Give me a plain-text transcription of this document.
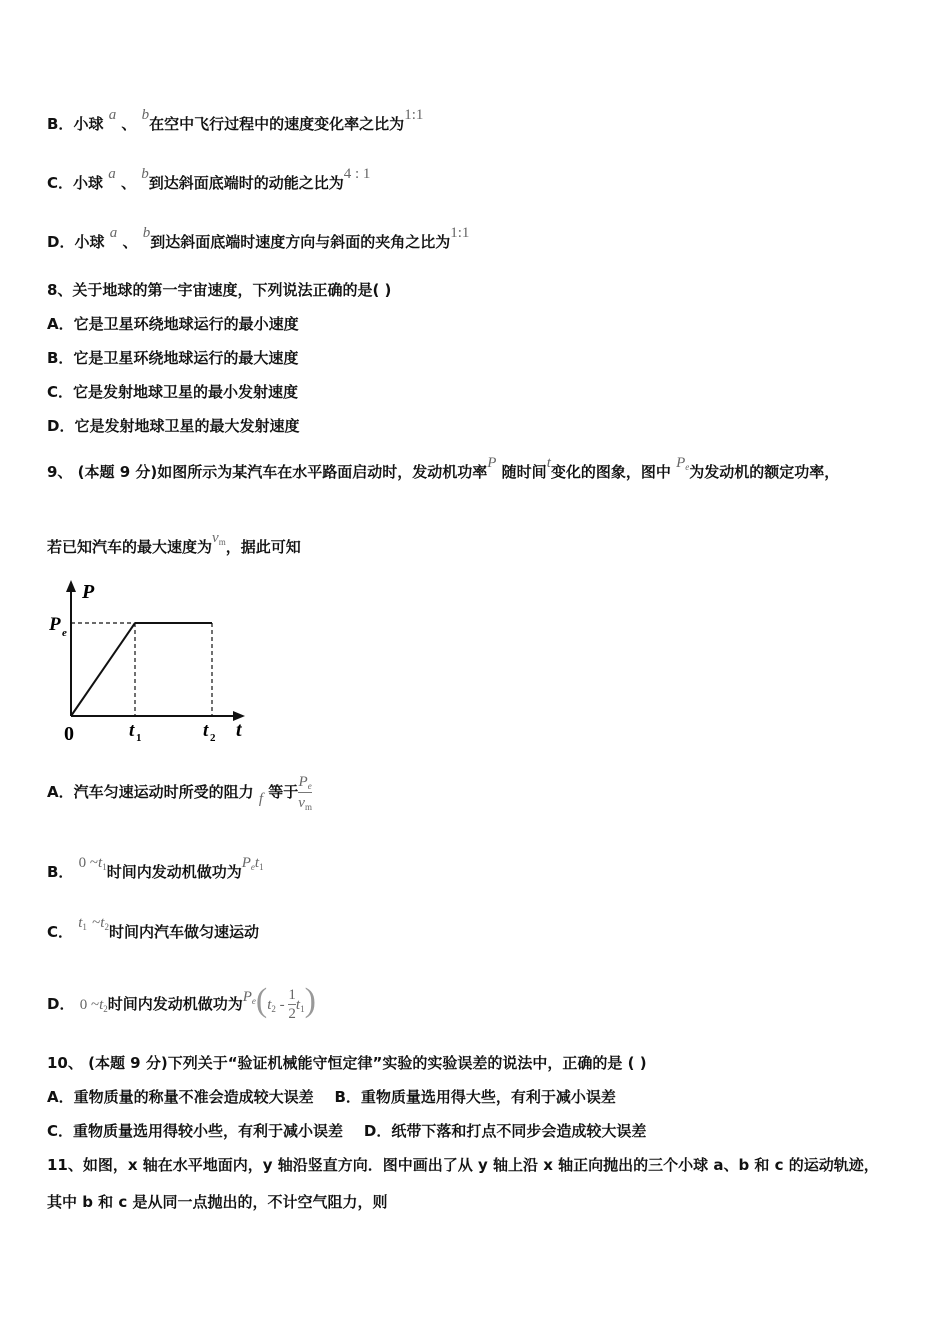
B．小球 a 、 b在空中飞行过程中的速度变化率之比为1:1
C．小球 a 、 b到达斜面底端时的动能之比为4 : 1
D．小球 a 、 b到达斜面底端时速度方向与斜面的夹角之比为1:1
8、关于地球的第一宇宙速度，下列说法正确的是( )
A．它是卫星环绕地球运行的最小速度
B．它是卫星环绕地球运行的最大速度
C．它是发射地球卫星的最小发射速度
D．它是发射地球卫星的最大发射速度
9、 (本题 9 分)如图所示为某汽车在水平路面启动时，发动机功率P 随时间t变化的图象，图中 $P_e$为发动机的额定功率，
若已知汽车的最大速度为$v_m$，据此可知
P
P e
0	t 1	t 2 t
A．汽车匀速运动时所受的阻力 f 等于 $\frac{P_e}{v_m}$
B． 0 $\sim t_1$时间内发动机做功为$P_et_1$
C． $t_1$ $\sim t_2$时间内汽车做匀速运动
D． 0 $\sim t_2$时间内发动机做功为$P_e(t_2 - \frac{1}{2} t_1)$
10、 (本题 9 分)下列关于“验证机械能守恒定律”实验的实验误差的说法中，正确的是 ( )
A．重物质量的称量不准会造成较大误差    B．重物质量选用得大些，有利于减小误差
C．重物质量选用得较小些，有利于减小误差    D．纸带下落和打点不同步会造成较大误差
11、如图，x 轴在水平地面内，y 轴沿竖直方向．图中画出了从 y 轴上沿 x 轴正向抛出的三个小球 a、b 和 c 的运动轨迹，
其中 b 和 c 是从同一点抛出的，不计空气阻力，则
